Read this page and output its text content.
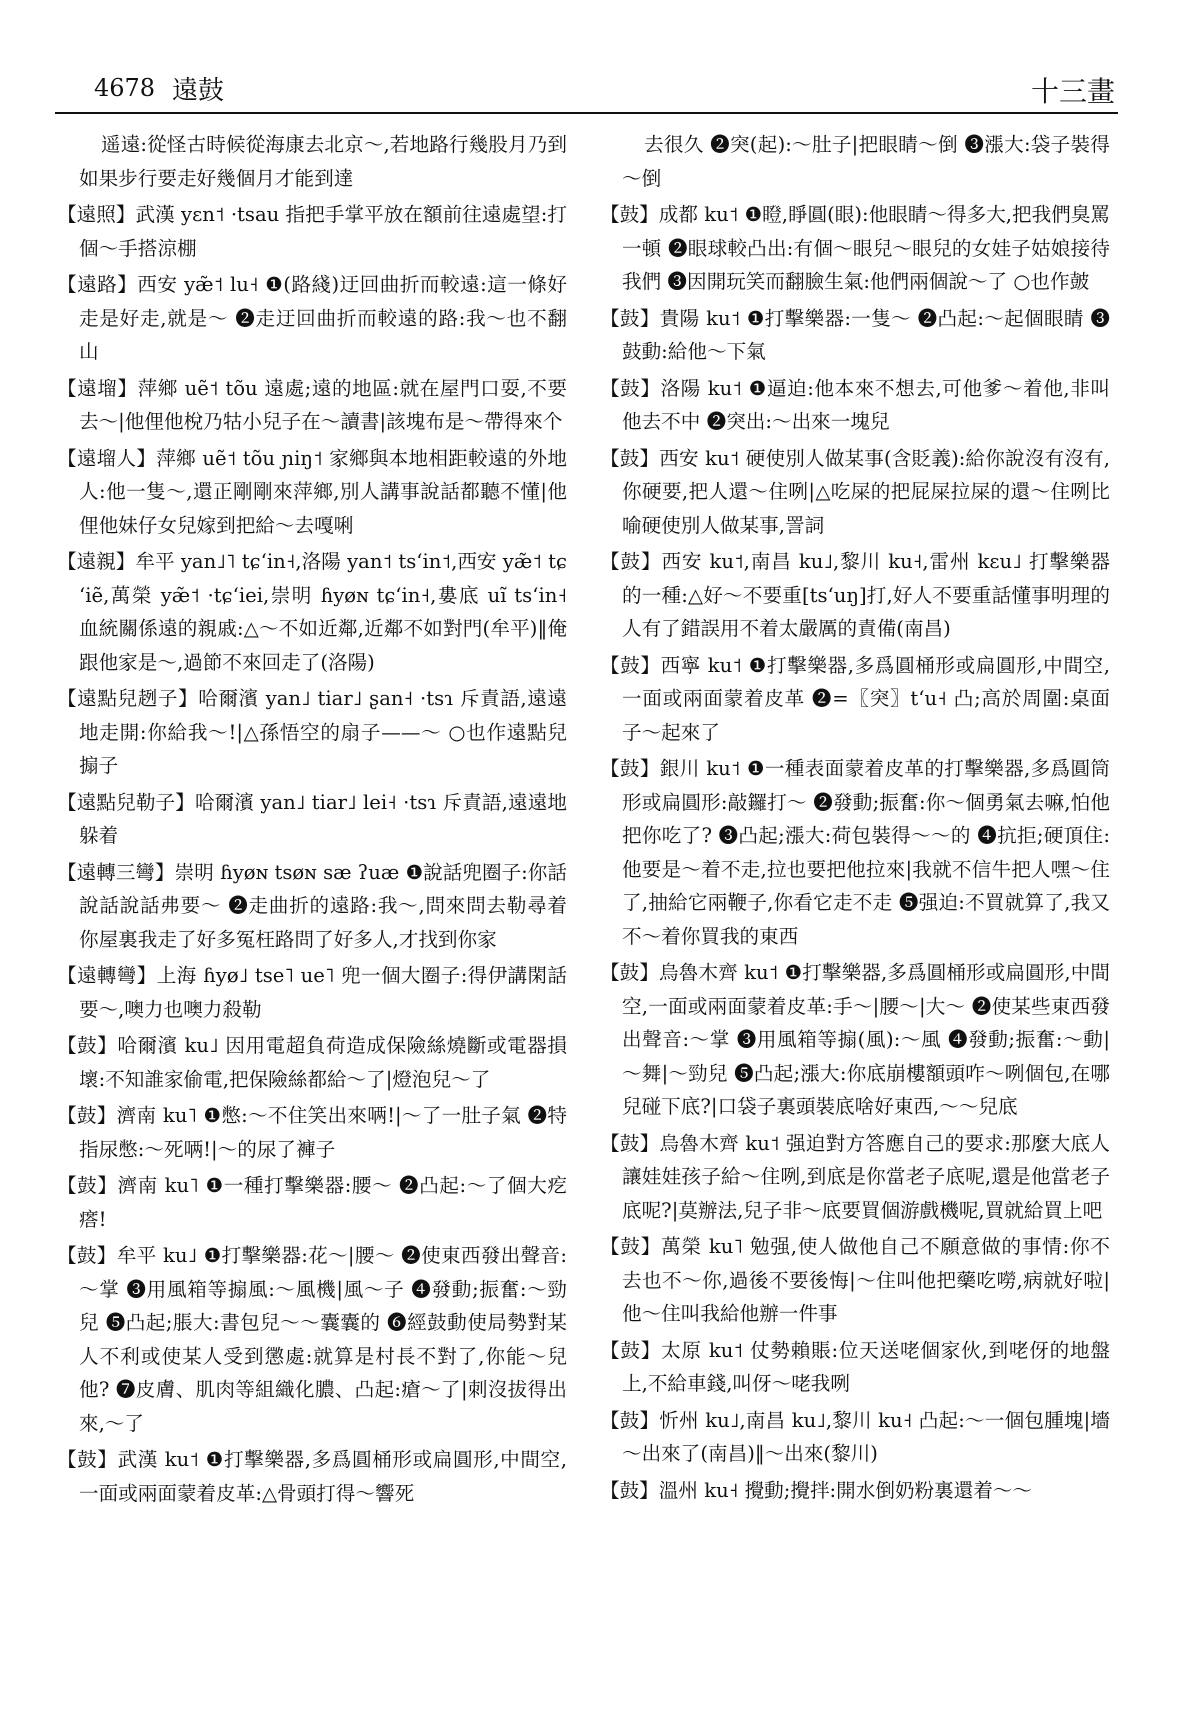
4678 遠鼓	十三畫

遥遠:從怪古時候從海康去北京～,若地路行幾股月乃到如果步行要走好幾個月才能到達

【遠照】武漢 yɛn˦ ·tsau 指把手掌平放在額前往遠處望:打個～手搭涼棚

【遠路】西安 yæ̃˦ lu˧ ❶(路綫)迂回曲折而較遠:這一條好走是好走,就是～ ❷走迂回曲折而較遠的路:我～也不翻山

【遠塯】萍鄉 uẽ˦ tõu 遠處;遠的地區:就在屋門口耍,不要去～|他俚他梲乃牯小兒子在～讀書|該塊布是～帶得來个

【遠塯人】萍鄉 uẽ˦ tõu ɲiŋ˦ 家鄉與本地相距較遠的外地人:他一隻～,還正剛剛來萍鄉,別人講事說話都聽不懂|他俚他妹仔女兒嫁到把給～去嘎唎

【遠親】牟平 yan˩˥ tɕʻin˧,洛陽 yan˦ tsʻin˦,西安 yæ̃˦ tɕʻiẽ,萬榮 yæ̃˦ ·tɕʻiei,崇明 ɦyøɴ tɕʻin˧,婁底 uĩ tsʻin˧ 血統關係遠的親戚:△～不如近鄰,近鄰不如對門(牟平)‖俺跟他家是～,過節不來回走了(洛陽)

【遠點兒趔子】哈爾濱 yan˩ tiar˩ ʂan˧ ·tsɿ 斥責語,遠遠地走開:你給我～!|△孫悟空的扇子——～ ○也作遠點兒搧子

【遠點兒勒子】哈爾濱 yan˩ tiar˩ lei˧ ·tsɿ 斥責語,遠遠地躲着

【遠轉三彎】崇明 ɦyøɴ tsøɴ sæ ʔuæ ❶說話兜圈子:你話說話說話弗要～ ❷走曲折的遠路:我～,問來問去勒尋着你屋裏我走了好多冤枉路問了好多人,才找到你家

【遠轉彎】上海 ɦyø˩ tse˥ ue˥ 兜一個大圈子:得伊講閑話要～,噢力也噢力殺勒

【鼓】哈爾濱 ku˩ 因用電超負荷造成保險絲燒斷或電器損壞:不知誰家偷電,把保險絲都給～了|燈泡兒～了

【鼓】濟南 ku˥ ❶憋:～不住笑出來唡!|～了一肚子氣 ❷特指尿憋:～死唡!|～的尿了褲子

【鼓】濟南 ku˥ ❶一種打擊樂器:腰～ ❷凸起:～了個大疙瘩!

【鼓】牟平 ku˩ ❶打擊樂器:花～|腰～ ❷使東西發出聲音:～掌 ❸用風箱等搧風:～風機|風～子 ❹發動;振奮:～勁兒 ❺凸起;脹大:書包兒～～囊囊的 ❻經鼓動使局勢對某人不利或使某人受到懲處:就算是村長不對了,你能～兒他? ❼皮膚、肌肉等組織化膿、凸起:瘡～了|刺沒拔得出來,～了

【鼓】武漢 ku˦ ❶打擊樂器,多爲圓桶形或扁圓形,中間空,一面或兩面蒙着皮革:△骨頭打得～響死

去很久 ❷突(起):～肚子|把眼睛～倒 ❸漲大:袋子裝得～倒

【鼓】成都 ku˦ ❶瞪,睜圓(眼):他眼睛～得多大,把我們臭罵一頓 ❷眼球較凸出:有個～眼兒～眼兒的女娃子姑娘接待我們 ❸因開玩笑而翻臉生氣:他們兩個說～了 ○也作皷

【鼓】貴陽 ku˦ ❶打擊樂器:一隻～ ❷凸起:～起個眼睛 ❸鼓動:給他～下氣

【鼓】洛陽 ku˦ ❶逼迫:他本來不想去,可他爹～着他,非叫他去不中 ❷突出:～出來一塊兒

【鼓】西安 ku˦ 硬使別人做某事(含貶義):給你說沒有沒有,你硬要,把人還～住咧|△吃屎的把屁屎拉屎的還～住咧比喻硬使別人做某事,詈詞

【鼓】西安 ku˦,南昌 ku˩,黎川 ku˧,雷州 kɛu˩ 打擊樂器的一種:△好～不要重[tsʻuŋ]打,好人不要重話懂事明理的人有了錯誤用不着太嚴厲的責備(南昌)

【鼓】西寧 ku˦ ❶打擊樂器,多爲圓桶形或扁圓形,中間空,一面或兩面蒙着皮革 ❷=〖突〗tʻu˧ 凸;高於周圍:桌面子～起來了

【鼓】銀川 ku˦ ❶一種表面蒙着皮革的打擊樂器,多爲圓筒形或扁圓形:敲鑼打～ ❷發動;振奮:你～個勇氣去嘛,怕他把你吃了? ❸凸起;漲大:荷包裝得～～的 ❹抗拒;硬頂住:他要是～着不走,拉也要把他拉來|我就不信牛把人嘿～住了,抽給它兩鞭子,你看它走不走 ❺强迫:不買就算了,我又不～着你買我的東西

【鼓】烏魯木齊 ku˦ ❶打擊樂器,多爲圓桶形或扁圓形,中間空,一面或兩面蒙着皮革:手～|腰～|大～ ❷使某些東西發出聲音:～掌 ❸用風箱等搧(風):～風 ❹發動;振奮:～動|～舞|～勁兒 ❺凸起;漲大:你底崩樓額頭咋～咧個包,在哪兒碰下底?|口袋子裏頭裝底啥好東西,～～兒底

【鼓】烏魯木齊 ku˦ 强迫對方答應自己的要求:那麼大底人讓娃娃孩子給～住咧,到底是你當老子底呢,還是他當老子底呢?|莫辦法,兒子非～底要買個游戲機呢,買就給買上吧

【鼓】萬榮 ku˥ 勉强,使人做他自己不願意做的事情:你不去也不～你,過後不要後悔|～住叫他把藥吃嘮,病就好啦|他～住叫我給他辦一件事

【鼓】太原 ku˦ 仗勢賴賬:位天送咾個家伙,到咾伢的地盤上,不給車錢,叫伢～咾我咧

【鼓】忻州 ku˩,南昌 ku˩,黎川 ku˧ 凸起:～一個包腫塊|墻～出來了(南昌)‖～出來(黎川)

【鼓】溫州 ku˧ 攪動;攪拌:開水倒奶粉裏還着～～
